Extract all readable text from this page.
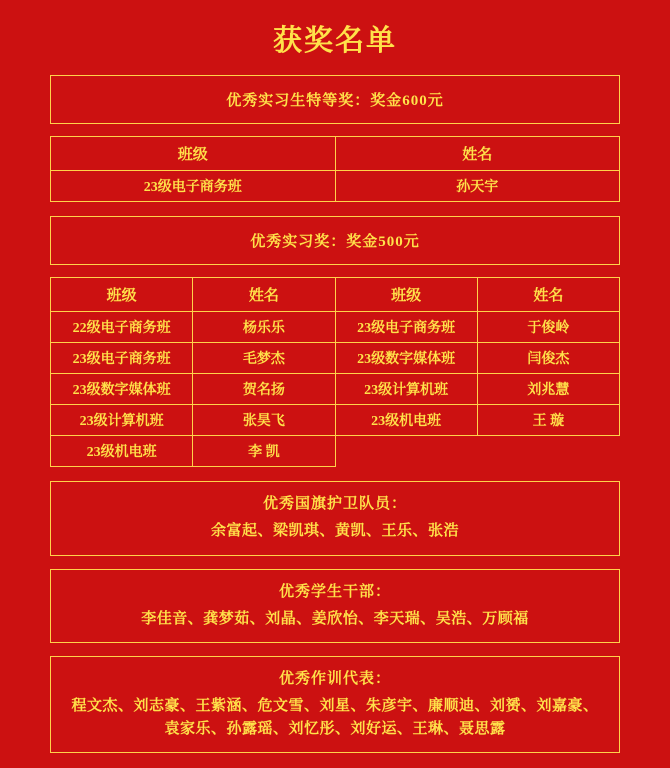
获奖名单
优秀实习生特等奖：奖金600元
班级	姓名
23级电子商务班	孙天宇
优秀实习奖：奖金500元
班级	姓名	班级	姓名
22级电子商务班	杨乐乐	23级电子商务班	于俊岭
23级电子商务班	毛梦杰	23级数字媒体班	闫俊杰
23级数字媒体班	贺名扬	23级计算机班	刘兆慧
23级计算机班	张昊飞	23级机电班	王 璇
23级机电班	李 凯		
优秀国旗护卫队员：
余富起、梁凯琪、黄凯、王乐、张浩
优秀学生干部：
李佳音、龚梦茹、刘晶、姜欣怡、李天瑞、吴浩、万顾福
优秀作训代表：
程文杰、刘志豪、王紫涵、危文雪、刘星、朱彦宇、廉顺迪、刘赟、刘嘉豪、袁家乐、孙露瑶、刘忆彤、刘好运、王琳、聂思露
